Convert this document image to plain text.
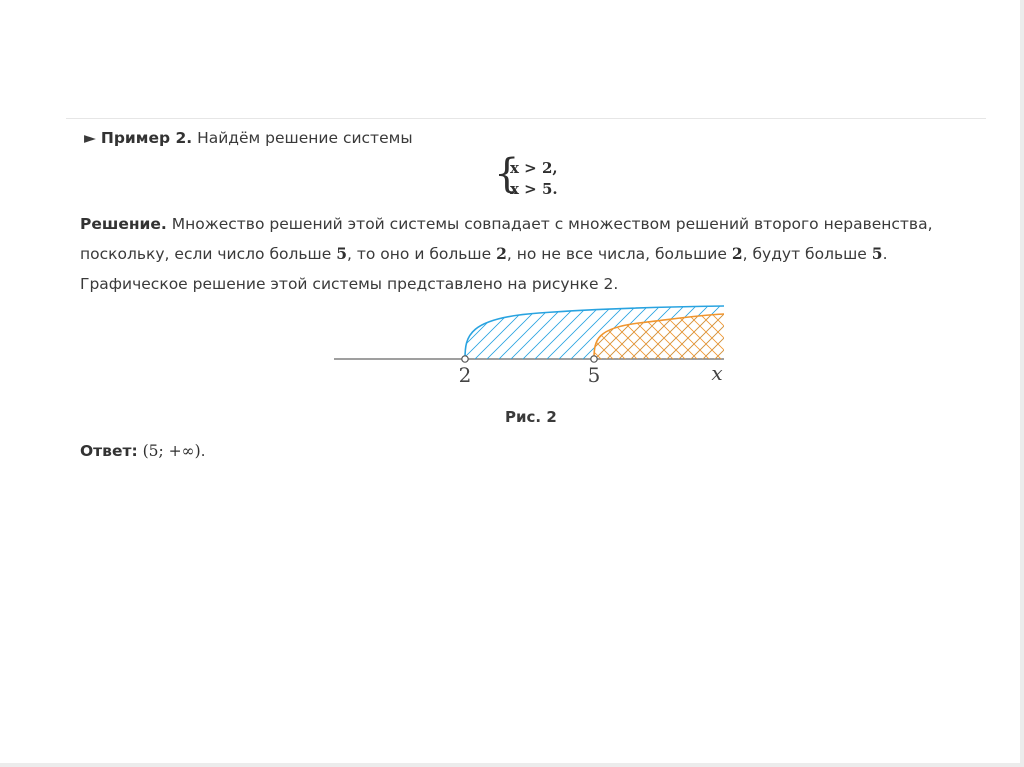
► Пример 2. Найдём решение системы
{
x > 2,
x > 5.
Решение. Множество решений этой системы совпадает с множеством решений второго неравенства, поскольку, если число больше 5, то оно и больше 2, но не все числа, большие 2, будут больше 5. Графическое решение этой системы представлено на рисунке 2.
2	5	x
Рис. 2
Ответ: (5; +∞).
